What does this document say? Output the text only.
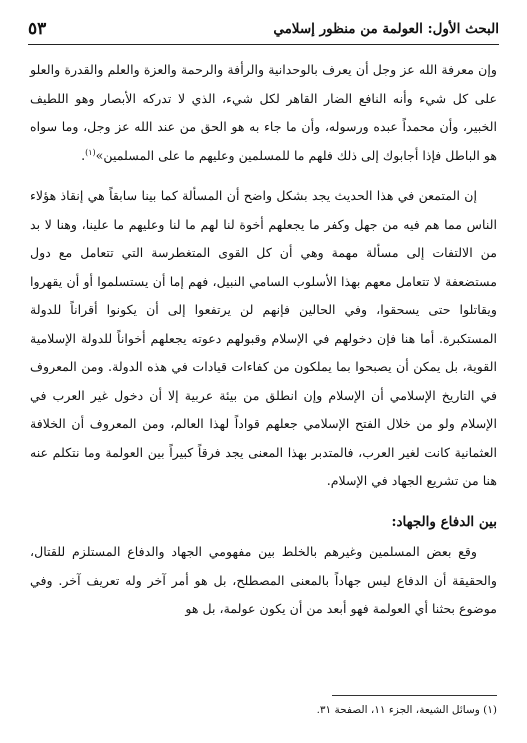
البحث الأول: العولمة من منظور إسلامي
٥٣

وإن معرفة الله عز وجل أن يعرف بالوحدانية والرأفة والرحمة والعزة والعلم والقدرة والعلو على كل شيء وأنه النافع الضار القاهر لكل شيء، الذي لا تدركه الأبصار وهو اللطيف الخبير، وأن محمداً عبده ورسوله، وأن ما جاء به هو الحق من عند الله عز وجل، وما سواه هو الباطل فإذا أجابوك إلى ذلك فلهم ما للمسلمين وعليهم ما على المسلمين»$^{(١)}$.

إن المتمعن في هذا الحديث يجد بشكل واضح أن المسألة كما بينا سابقاً هي إنقاذ هؤلاء الناس مما هم فيه من جهل وكفر ما يجعلهم أخوة لنا لهم ما لنا وعليهم ما علينا، وهنا لا بد من الالتفات إلى مسألة مهمة وهي أن كل القوى المتغطرسة التي تتعامل مع دول مستضعفة لا تتعامل معهم بهذا الأسلوب السامي النبيل، فهم إما أن يستسلموا أو أن يقهروا ويقاتلوا حتى يسحقوا، وفي الحالين فإنهم لن يرتفعوا إلى أن يكونوا أقراناً للدولة المستكبرة. أما هنا فإن دخولهم في الإسلام وقبولهم دعوته يجعلهم أخواناً للدولة الإسلامية القوية، بل يمكن أن يصبحوا بما يملكون من كفاءات قيادات في هذه الدولة. ومن المعروف في التاريخ الإسلامي أن الإسلام وإن انطلق من بيئة عربية إلا أن دخول غير العرب في الإسلام ولو من خلال الفتح الإسلامي جعلهم قواداً لهذا العالم، ومن المعروف أن الخلافة العثمانية كانت لغير العرب، فالمتدبر بهذا المعنى يجد فرقاً كبيراً بين العولمة وما نتكلم عنه هنا من تشريع الجهاد في الإسلام.

بين الدفاع والجهاد:

وقع بعض المسلمين وغيرهم بالخلط بين مفهومي الجهاد والدفاع المستلزم للقتال، والحقيقة أن الدفاع ليس جهاداً بالمعنى المصطلح، بل هو أمر آخر وله تعريف آخر. وفي موضوع بحثنا أي العولمة فهو أبعد من أن يكون عولمة، بل هو

(١) وسائل الشيعة، الجزء ١١، الصفحة ٣١.
